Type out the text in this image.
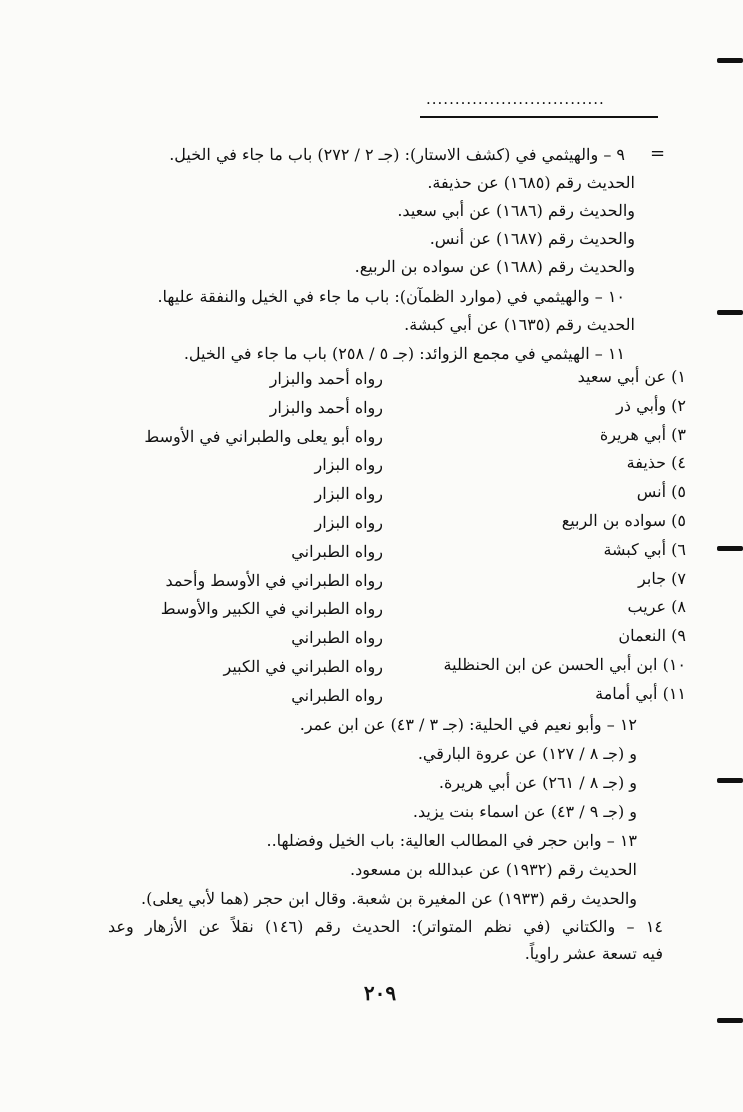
...............................
=
٩ – والهيثمي في (كشف الاستار): (جـ ٢ / ٢٧٢) باب ما جاء في الخيل.
الحديث رقم (١٦٨٥) عن حذيفة.
والحديث رقم (١٦٨٦) عن أبي سعيد.
والحديث رقم (١٦٨٧) عن أنس.
والحديث رقم (١٦٨٨) عن سواده بن الربيع.
١٠ – والهيثمي في (موارد الظمآن): باب ما جاء في الخيل والنفقة عليها.
الحديث رقم (١٦٣٥) عن أبي كبشة.
١١ – الهيثمي في مجمع الزوائد: (جـ ٥ / ٢٥٨) باب ما جاء في الخيل.
١) عن أبي سعيد
٢) وأبي ذر
٣) أبي هريرة
٤) حذيفة
٥) أنس
٥) سواده بن الربيع
٦) أبي كبشة
٧) جابر
٨) عريب
٩) النعمان
١٠) ابن أبي الحسن عن ابن الحنظلية
١١) أبي أمامة
رواه أحمد والبزار
رواه أحمد والبزار
رواه أبو يعلى والطبراني في الأوسط
رواه البزار
رواه البزار
رواه البزار
رواه الطبراني
رواه الطبراني في الأوسط وأحمد
رواه الطبراني في الكبير والأوسط
رواه الطبراني
رواه الطبراني في الكبير
رواه الطبراني
١٢ – وأبو نعيم في الحلية: (جـ ٣ / ٤٣) عن ابن عمر.
و (جـ ٨ / ١٢٧) عن عروة البارقي.
و (جـ ٨ / ٢٦١) عن أبي هريرة.
و (جـ ٩ / ٤٣) عن اسماء بنت يزيد.
١٣ – وابن حجر في المطالب العالية: باب الخيل وفضلها..
الحديث رقم (١٩٣٢) عن عبدالله بن مسعود.
والحديث رقم (١٩٣٣) عن المغيرة بن شعبة. وقال ابن حجر (هما لأبي يعلى).
١٤ – والكتاني (في نظم المتواتر): الحديث رقم (١٤٦) نقلاً عن الأزهار وعد
فيه تسعة عشر راوياً.
٢٠٩
